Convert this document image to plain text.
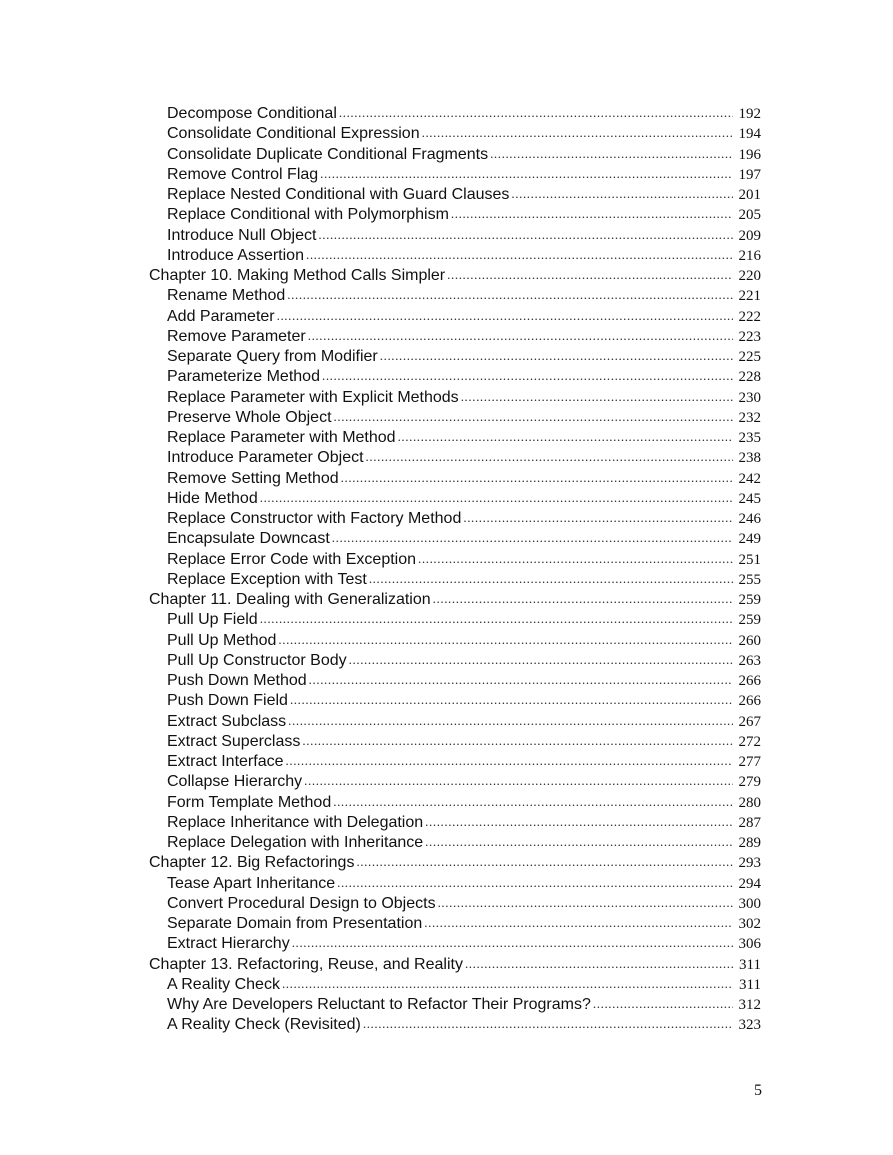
Decompose Conditional .....	192
Consolidate Conditional Expression .....	194
Consolidate Duplicate Conditional Fragments .....	196
Remove Control Flag .....	197
Replace Nested Conditional with Guard Clauses .....	201
Replace Conditional with Polymorphism .....	205
Introduce Null Object .....	209
Introduce Assertion .....	216
Chapter 10. Making Method Calls Simpler .....	220
Rename Method .....	221
Add Parameter .....	222
Remove Parameter .....	223
Separate Query from Modifier .....	225
Parameterize Method .....	228
Replace Parameter with Explicit Methods .....	230
Preserve Whole Object .....	232
Replace Parameter with Method .....	235
Introduce Parameter Object .....	238
Remove Setting Method .....	242
Hide Method .....	245
Replace Constructor with Factory Method .....	246
Encapsulate Downcast .....	249
Replace Error Code with Exception .....	251
Replace Exception with Test .....	255
Chapter 11. Dealing with Generalization .....	259
Pull Up Field .....	259
Pull Up Method .....	260
Pull Up Constructor Body .....	263
Push Down Method .....	266
Push Down Field .....	266
Extract Subclass .....	267
Extract Superclass .....	272
Extract Interface .....	277
Collapse Hierarchy .....	279
Form Template Method .....	280
Replace Inheritance with Delegation .....	287
Replace Delegation with Inheritance .....	289
Chapter 12. Big Refactorings .....	293
Tease Apart Inheritance .....	294
Convert Procedural Design to Objects .....	300
Separate Domain from Presentation .....	302
Extract Hierarchy .....	306
Chapter 13. Refactoring, Reuse, and Reality .....	311
A Reality Check .....	311
Why Are Developers Reluctant to Refactor Their Programs? .....	312
A Reality Check (Revisited) .....	323
5
